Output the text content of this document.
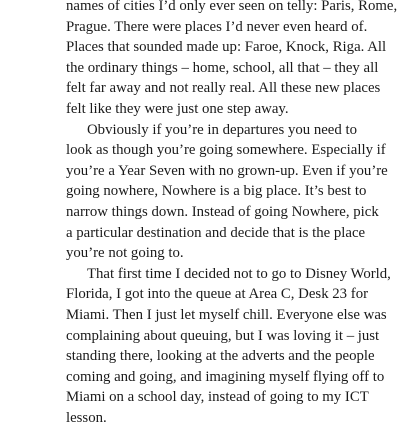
names of cities I’d only ever seen on telly: Paris, Rome,
Prague. There were places I’d never even heard of.
Places that sounded made up: Faroe, Knock, Riga. All
the ordinary things – home, school, all that – they all
felt far away and not really real. All these new places
felt like they were just one step away.
Obviously if you’re in departures you need to
look as though you’re going somewhere. Especially if
you’re a Year Seven with no grown-up. Even if you’re
going nowhere, Nowhere is a big place. It’s best to
narrow things down. Instead of going Nowhere, pick
a particular destination and decide that is the place
you’re not going to.
That first time I decided not to go to Disney World,
Florida, I got into the queue at Area C, Desk 23 for
Miami. Then I just let myself chill. Everyone else was
complaining about queuing, but I was loving it – just
standing there, looking at the adverts and the people
coming and going, and imagining myself flying off to
Miami on a school day, instead of going to my ICT
lesson.
